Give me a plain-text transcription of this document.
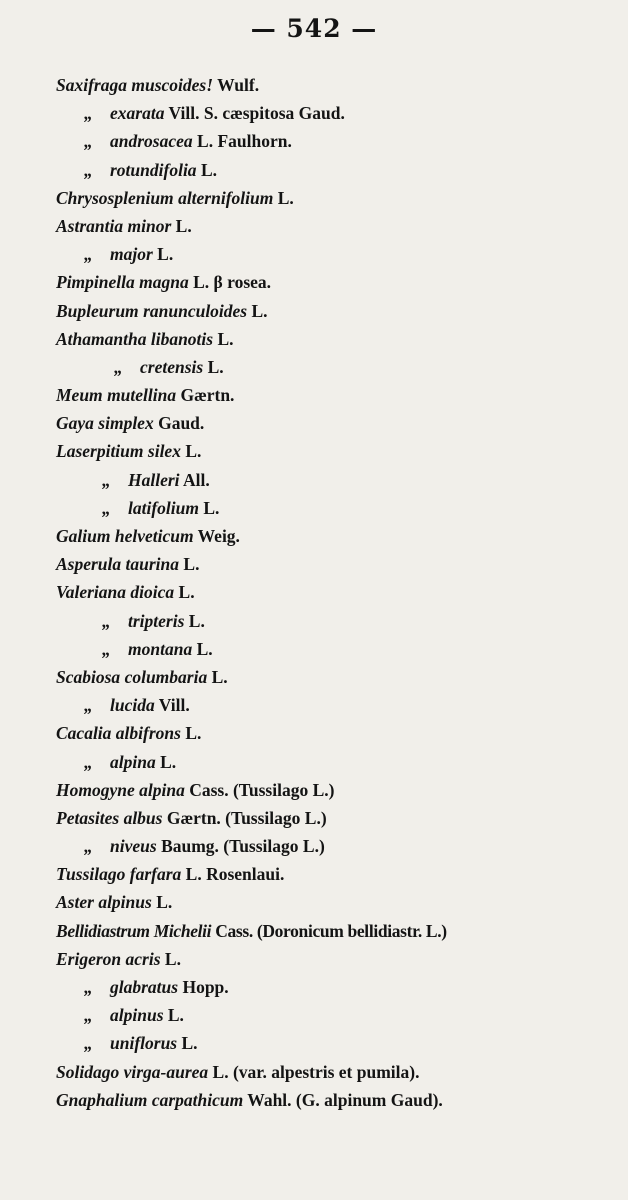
— 542 —
Saxifraga muscoides! Wulf.
„ exarata Vill. S. cæspitosa Gaud.
„ androsacea L. Faulhorn.
„ rotundifolia L.
Chrysosplenium alternifolium L.
Astrantia minor L.
„ major L.
Pimpinella magna L. β rosea.
Bupleurum ranunculoides L.
Athamantha libanotis L.
„ cretensis L.
Meum mutellina Gærtn.
Gaya simplex Gaud.
Laserpitium silex L.
„ Halleri All.
„ latifolium L.
Galium helveticum Weig.
Asperula taurina L.
Valeriana dioica L.
„ tripteris L.
„ montana L.
Scabiosa columbaria L.
„ lucida Vill.
Cacalia albifrons L.
„ alpina L.
Homogyne alpina Cass. (Tussilago L.)
Petasites albus Gærtn. (Tussilago L.)
„ niveus Baumg. (Tussilago L.)
Tussilago farfara L. Rosenlaui.
Aster alpinus L.
Bellidiastrum Michelii Cass. (Doronicum bellidiastr. L.)
Erigeron acris L.
„ glabratus Hopp.
„ alpinus L.
„ uniflorus L.
Solidago virga-aurea L. (var. alpestris et pumila).
Gnaphalium carpathicum Wahl. (G. alpinum Gaud).
